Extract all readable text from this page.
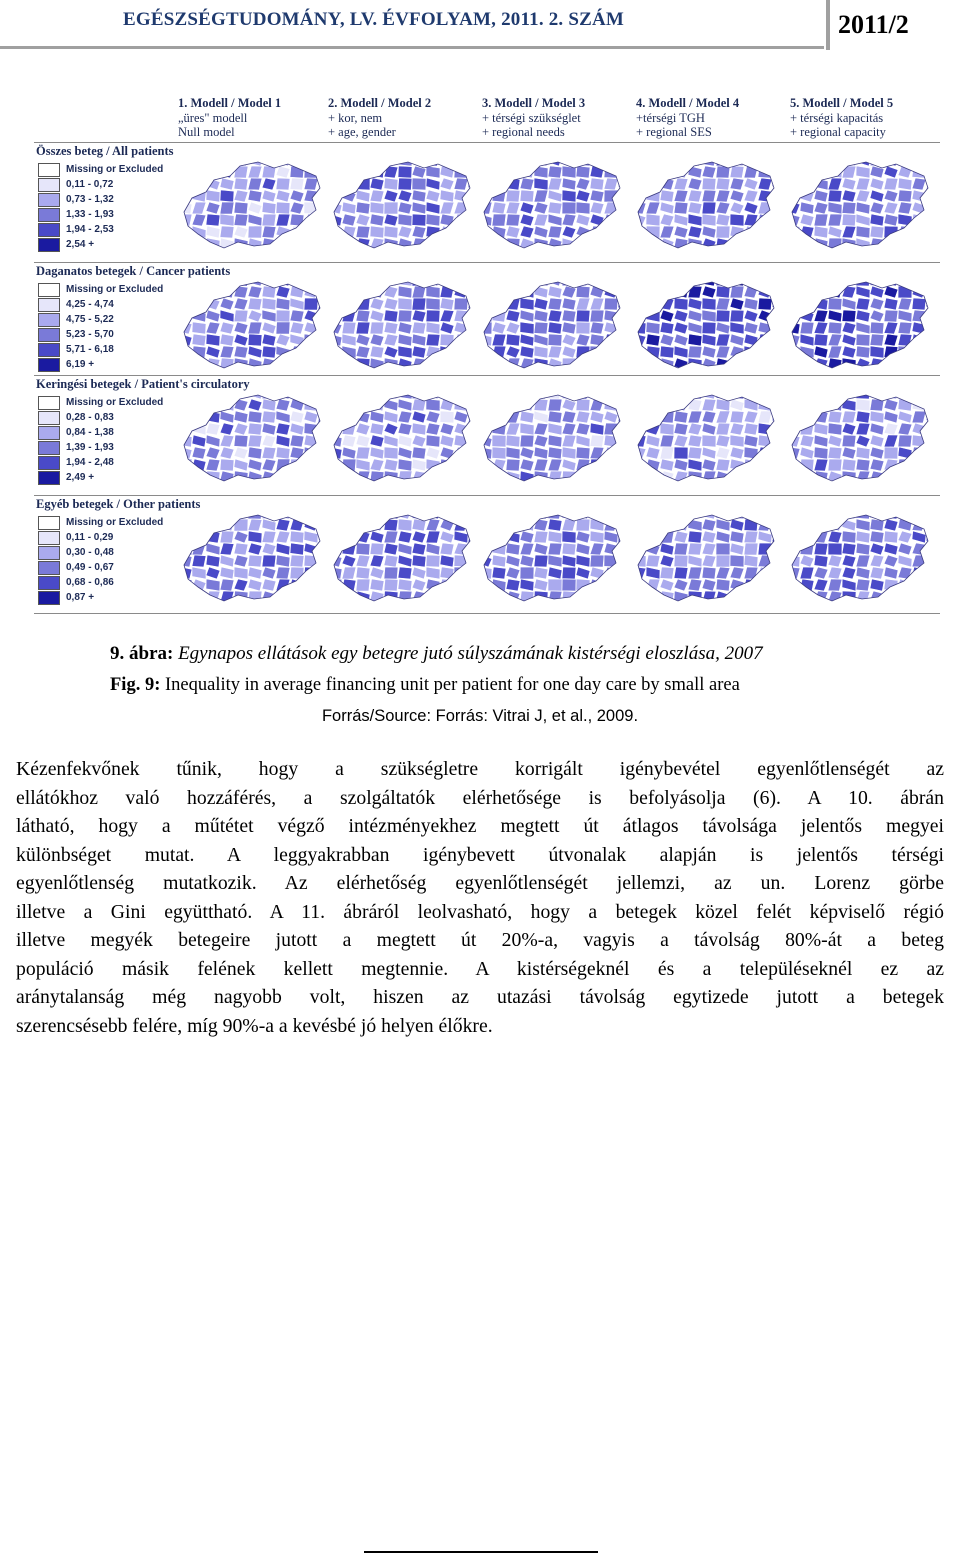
EGÉSZSÉGTUDOMÁNY, LV. ÉVFOLYAM, 2011. 2. SZÁM	2011/2
1. Modell / Model 1
„üres" modell
Null model
2. Modell / Model 2
+ kor, nem
+ age, gender
3. Modell / Model 3
+ térségi szükséglet
+ regional needs
4. Modell / Model 4
+térségi TGH
+ regional SES
5. Modell / Model 5
+ térségi kapacitás
+ regional capacity
Összes beteg / All patients
Missing or Excluded
0,11 - 0,72
0,73 - 1,32
1,33 - 1,93
1,94 - 2,53
2,54 +
Daganatos betegek / Cancer patients
Missing or Excluded
4,25 - 4,74
4,75 - 5,22
5,23 - 5,70
5,71 - 6,18
6,19 +
Keringési betegek / Patient's circulatory
Missing or Excluded
0,28 - 0,83
0,84 - 1,38
1,39 - 1,93
1,94 - 2,48
2,49 +
Egyéb betegek / Other patients
Missing or Excluded
0,11 - 0,29
0,30 - 0,48
0,49 - 0,67
0,68 - 0,86
0,87 +
9. ábra: Egynapos ellátások egy betegre jutó súlyszámának kistérségi eloszlása, 2007
Fig. 9: Inequality in average financing unit per patient for one day care by small area
Forrás/Source: Forrás: Vitrai J, et al., 2009.
Kézenfekvőnek tűnik, hogy a szükségletre korrigált igénybevétel egyenlőtlenségét az
ellátókhoz való hozzáférés, a szolgáltatók elérhetősége is befolyásolja (6). A 10. ábrán
látható, hogy a műtétet végző intézményekhez megtett út átlagos távolsága jelentős megyei
különbséget mutat. A leggyakrabban igénybevett útvonalak alapján is jelentős térségi
egyenlőtlenség mutatkozik. Az elérhetőség egyenlőtlenségét jellemzi, az un. Lorenz görbe
illetve a Gini együttható. A 11. ábráról leolvasható, hogy a betegek közel felét képviselő régió
illetve megyék betegeire jutott a megtett út 20%-a, vagyis a távolság 80%-át a beteg
populáció másik felének kellett megtennie. A kistérségeknél és a településeknél ez az
aránytalanság még nagyobb volt, hiszen az utazási távolság egytizede jutott a betegek
szerencsésebb felére, míg 90%-a a kevésbé jó helyen élőkre.
